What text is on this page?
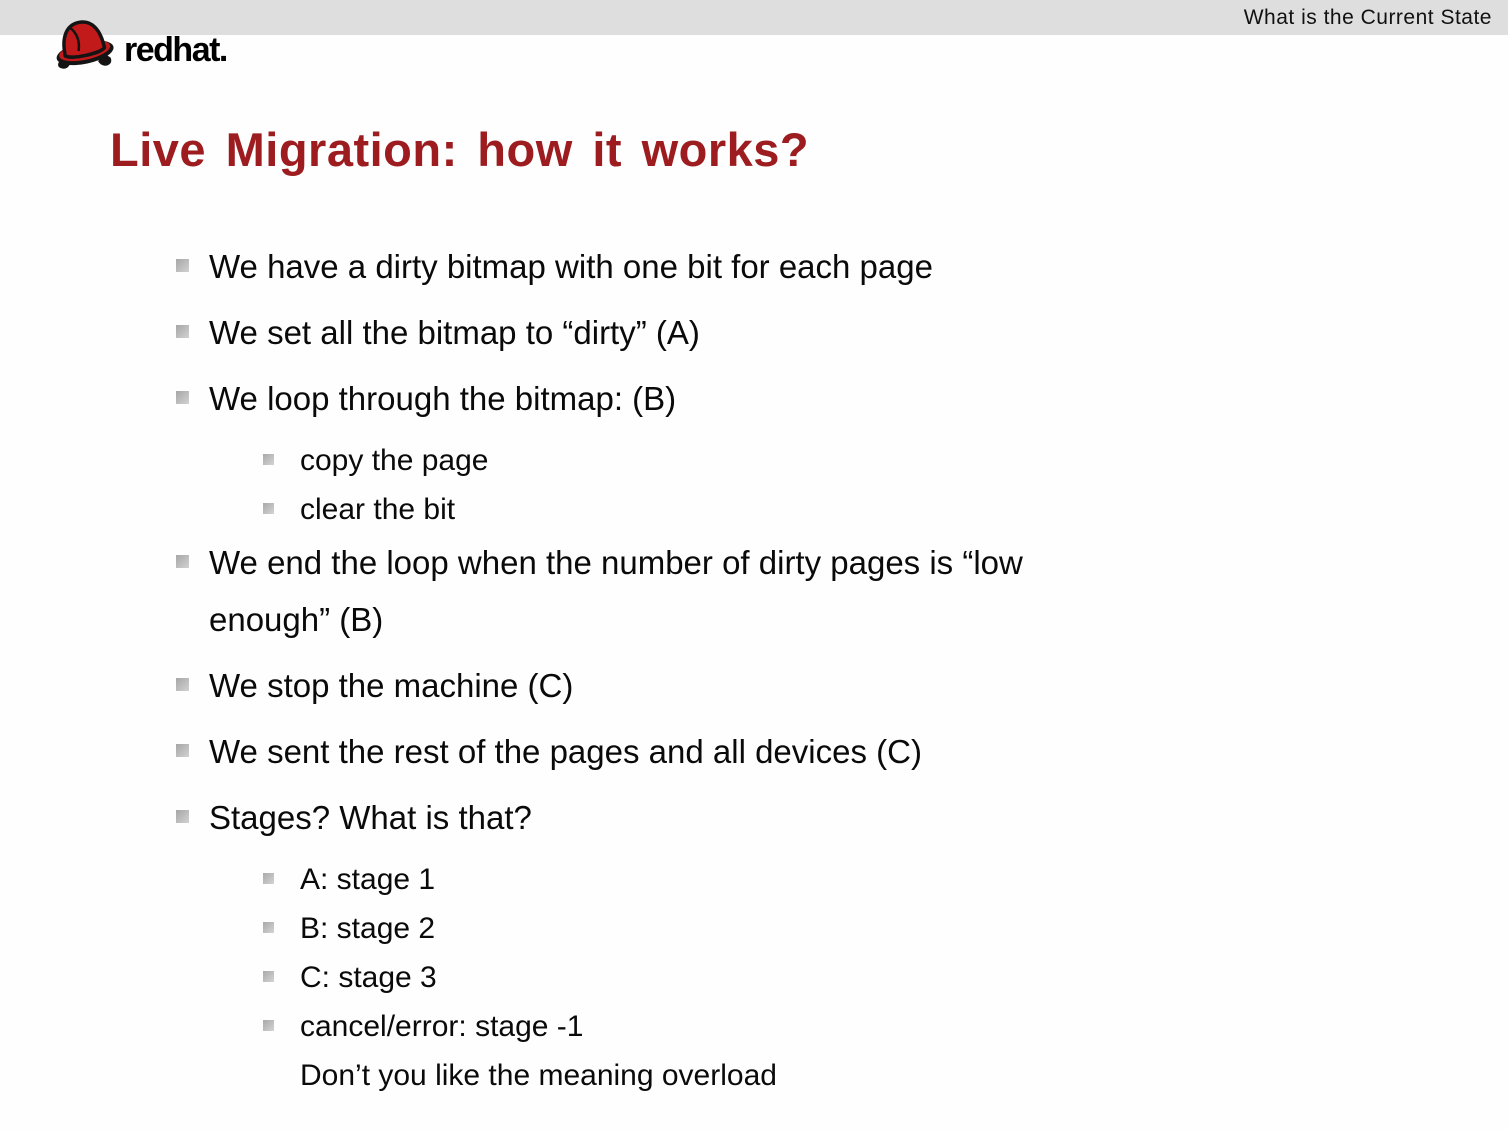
What is the Current State
redhat.
Live Migration: how it works?
We have a dirty bitmap with one bit for each page
We set all the bitmap to “dirty” (A)
We loop through the bitmap: (B)
copy the page
clear the bit
We end the loop when the number of dirty pages is “low
enough” (B)
We stop the machine (C)
We sent the rest of the pages and all devices (C)
Stages? What is that?
A: stage 1
B: stage 2
C: stage 3
cancel/error: stage -1
Don’t you like the meaning overload
